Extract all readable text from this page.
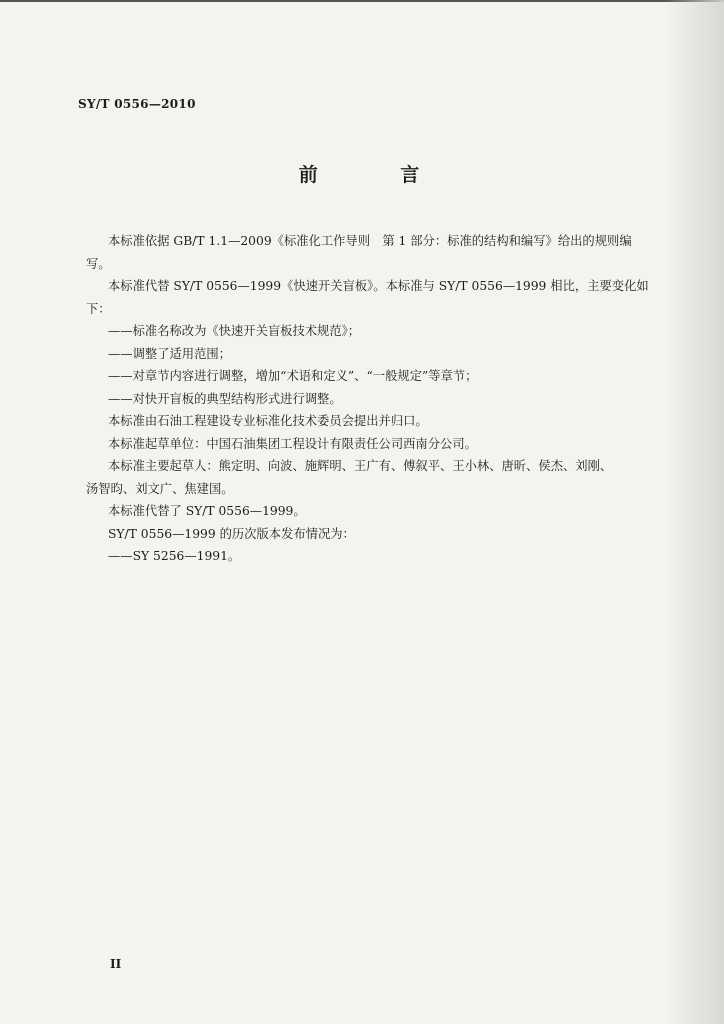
SY/T 0556—2010
前 言

本标准依据 GB/T 1.1—2009《标准化工作导则　第 1 部分：标准的结构和编写》给出的规则编

写。

本标准代替 SY/T 0556—1999《快速开关盲板》。本标准与 SY/T 0556—1999 相比，主要变化如

下：

——标准名称改为《快速开关盲板技术规范》；

——调整了适用范围；

——对章节内容进行调整，增加“术语和定义”、“一般规定”等章节；

——对快开盲板的典型结构形式进行调整。

本标准由石油工程建设专业标准化技术委员会提出并归口。

本标准起草单位：中国石油集团工程设计有限责任公司西南分公司。

本标准主要起草人：熊定明、向波、施辉明、王广有、傅叙平、王小林、唐昕、侯杰、刘刚、

汤智昀、刘文广、焦建国。

本标准代替了 SY/T 0556—1999。

SY/T 0556—1999 的历次版本发布情况为：

——SY 5256—1991。

II
